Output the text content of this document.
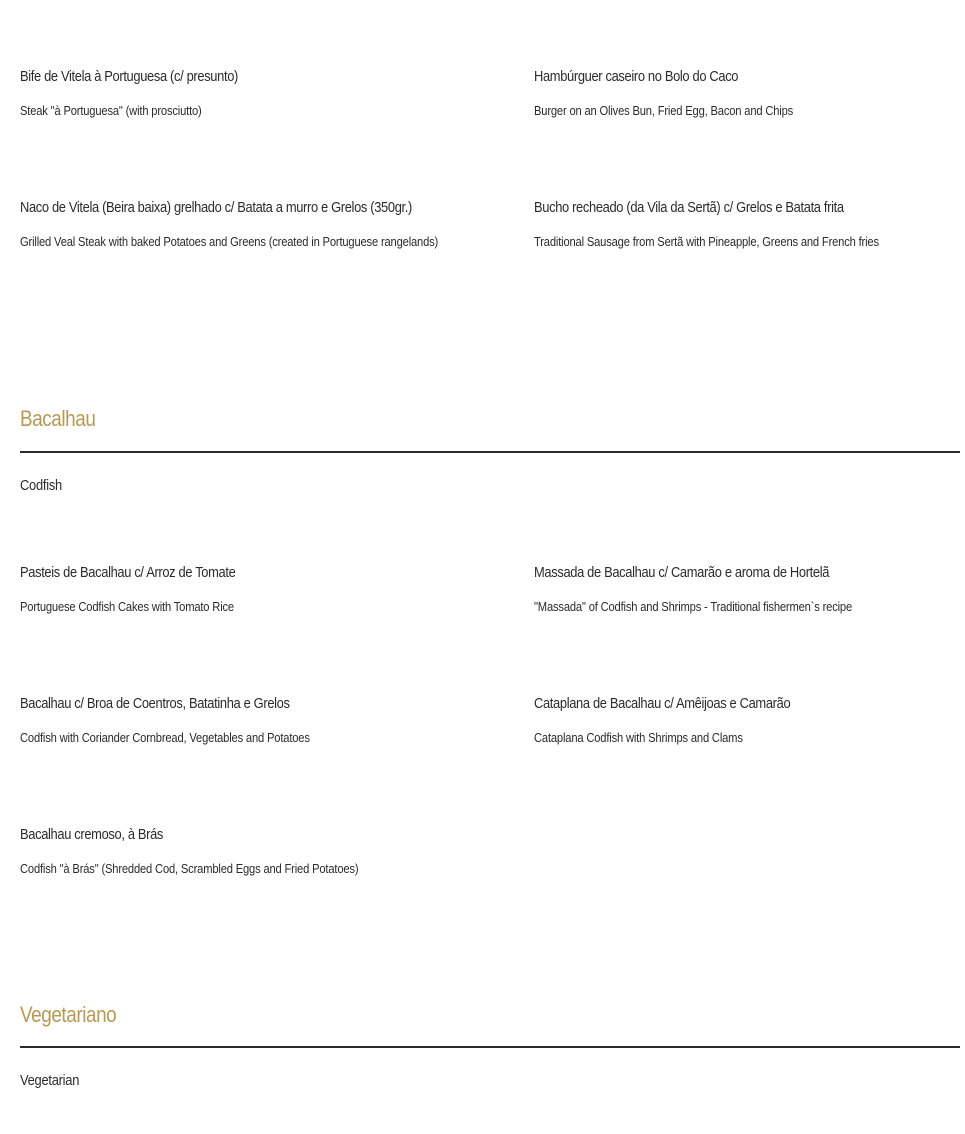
Bife de Vitela à Portuguesa (c/ presunto)
Steak "à Portuguesa" (with prosciutto)
Hambúrguer caseiro no Bolo do Caco
Burger on an Olives Bun, Fried Egg, Bacon and Chips
Naco de Vitela (Beira baixa) grelhado c/ Batata a murro e Grelos (350gr.)
Grilled Veal Steak with baked Potatoes and Greens (created in Portuguese rangelands)
Bucho recheado (da Vila da Sertã) c/ Grelos e Batata frita
Traditional Sausage from Sertã with Pineapple, Greens and French fries
Bacalhau
Codfish
Pasteis de Bacalhau c/ Arroz de Tomate
Portuguese Codfish Cakes with Tomato Rice
Massada de Bacalhau c/ Camarão e aroma de Hortelã
"Massada" of Codfish and Shrimps - Traditional fishermen`s recipe
Bacalhau c/ Broa de Coentros, Batatinha e Grelos
Codfish with Coriander Cornbread, Vegetables and Potatoes
Cataplana de Bacalhau c/ Amêijoas e Camarão
Cataplana Codfish with Shrimps and Clams
Bacalhau cremoso, à Brás
Codfish "à Brás" (Shredded Cod, Scrambled Eggs and Fried Potatoes)
Vegetariano
Vegetarian
